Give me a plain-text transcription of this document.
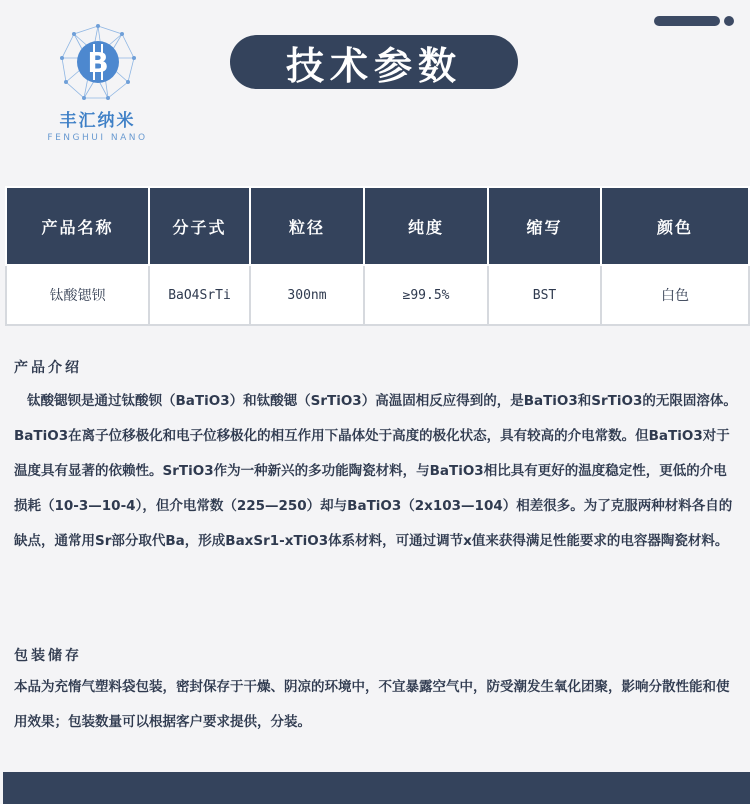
B
丰汇纳米
FENGHUI NANO
技术参数
产品名称	分子式	粒径	纯度	缩写	颜色
钛酸锶钡	BaO4SrTi	300nm	≥99.5%	BST	白色
产品介绍
钛酸锶钡是通过钛酸钡（BaTiO3）和钛酸锶（SrTiO3）高温固相反应得到的，是BaTiO3和SrTiO3的无限固溶体。BaTiO3在离子位移极化和电子位移极化的相互作用下晶体处于高度的极化状态，具有较高的介电常数。但BaTiO3对于温度具有显著的依赖性。SrTiO3作为一种新兴的多功能陶瓷材料，与BaTiO3相比具有更好的温度稳定性，更低的介电损耗（10-3—10-4），但介电常数（225—250）却与BaTiO3（2x103—104）相差很多。为了克服两种材料各自的缺点，通常用Sr部分取代Ba，形成BaxSr1-xTiO3体系材料，可通过调节x值来获得满足性能要求的电容器陶瓷材料。
包装储存
本品为充惰气塑料袋包装，密封保存于干燥、阴凉的环境中，不宜暴露空气中，防受潮发生氧化团聚，影响分散性能和使用效果；包装数量可以根据客户要求提供，分装。
